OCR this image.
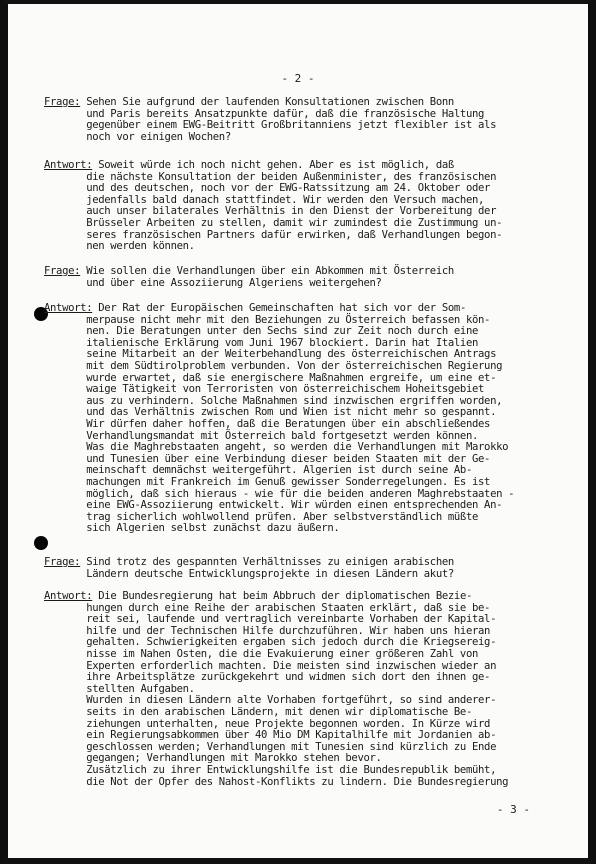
- 2 -
Frage: Sehen Sie aufgrund der laufenden Konsultationen zwischen Bonn
und Paris bereits Ansatzpunkte dafür, daß die französische Haltung
gegenüber einem EWG-Beitritt Großbritanniens jetzt flexibler ist als
noch vor einigen Wochen?
Antwort: Soweit würde ich noch nicht gehen. Aber es ist möglich, daß
die nächste Konsultation der beiden Außenminister, des französischen
und des deutschen, noch vor der EWG-Ratssitzung am 24. Oktober oder
jedenfalls bald danach stattfindet. Wir werden den Versuch machen,
auch unser bilaterales Verhältnis in den Dienst der Vorbereitung der
Brüsseler Arbeiten zu stellen, damit wir zumindest die Zustimmung un-
seres französischen Partners dafür erwirken, daß Verhandlungen begon-
nen werden können.
Frage: Wie sollen die Verhandlungen über ein Abkommen mit Österreich
und über eine Assoziierung Algeriens weitergehen?
Antwort: Der Rat der Europäischen Gemeinschaften hat sich vor der Som-
merpause nicht mehr mit den Beziehungen zu Österreich befassen kön-
nen. Die Beratungen unter den Sechs sind zur Zeit noch durch eine
italienische Erklärung vom Juni 1967 blockiert. Darin hat Italien
seine Mitarbeit an der Weiterbehandlung des österreichischen Antrags
mit dem Südtirolproblem verbunden. Von der österreichischen Regierung
wurde erwartet, daß sie energischere Maßnahmen ergreife, um eine et-
waige Tätigkeit von Terroristen von österreichischem Hoheitsgebiet
aus zu verhindern. Solche Maßnahmen sind inzwischen ergriffen worden,
und das Verhältnis zwischen Rom und Wien ist nicht mehr so gespannt.
Wir dürfen daher hoffen, daß die Beratungen über ein abschließendes
Verhandlungsmandat mit Österreich bald fortgesetzt werden können.
Was die Maghrebstaaten angeht, so werden die Verhandlungen mit Marokko
und Tunesien über eine Verbindung dieser beiden Staaten mit der Ge-
meinschaft demnächst weitergeführt. Algerien ist durch seine Ab-
machungen mit Frankreich im Genuß gewisser Sonderregelungen. Es ist
möglich, daß sich hieraus - wie für die beiden anderen Maghrebstaaten -
eine EWG-Assoziierung entwickelt. Wir würden einen entsprechenden An-
trag sicherlich wohlwollend prüfen. Aber selbstverständlich müßte
sich Algerien selbst zunächst dazu äußern.
Frage: Sind trotz des gespannten Verhältnisses zu einigen arabischen
Ländern deutsche Entwicklungsprojekte in diesen Ländern akut?
Antwort: Die Bundesregierung hat beim Abbruch der diplomatischen Bezie-
hungen durch eine Reihe der arabischen Staaten erklärt, daß sie be-
reit sei, laufende und vertraglich vereinbarte Vorhaben der Kapital-
hilfe und der Technischen Hilfe durchzuführen. Wir haben uns hieran
gehalten. Schwierigkeiten ergaben sich jedoch durch die Kriegsereig-
nisse im Nahen Osten, die die Evakuierung einer größeren Zahl von
Experten erforderlich machten. Die meisten sind inzwischen wieder an
ihre Arbeitsplätze zurückgekehrt und widmen sich dort den ihnen ge-
stellten Aufgaben.
Wurden in diesen Ländern alte Vorhaben fortgeführt, so sind anderer-
seits in den arabischen Ländern, mit denen wir diplomatische Be-
ziehungen unterhalten, neue Projekte begonnen worden. In Kürze wird
ein Regierungsabkommen über 40 Mio DM Kapitalhilfe mit Jordanien ab-
geschlossen werden; Verhandlungen mit Tunesien sind kürzlich zu Ende
gegangen; Verhandlungen mit Marokko stehen bevor.
Zusätzlich zu ihrer Entwicklungshilfe ist die Bundesrepublik bemüht,
die Not der Opfer des Nahost-Konflikts zu lindern. Die Bundesregierung
- 3 -
